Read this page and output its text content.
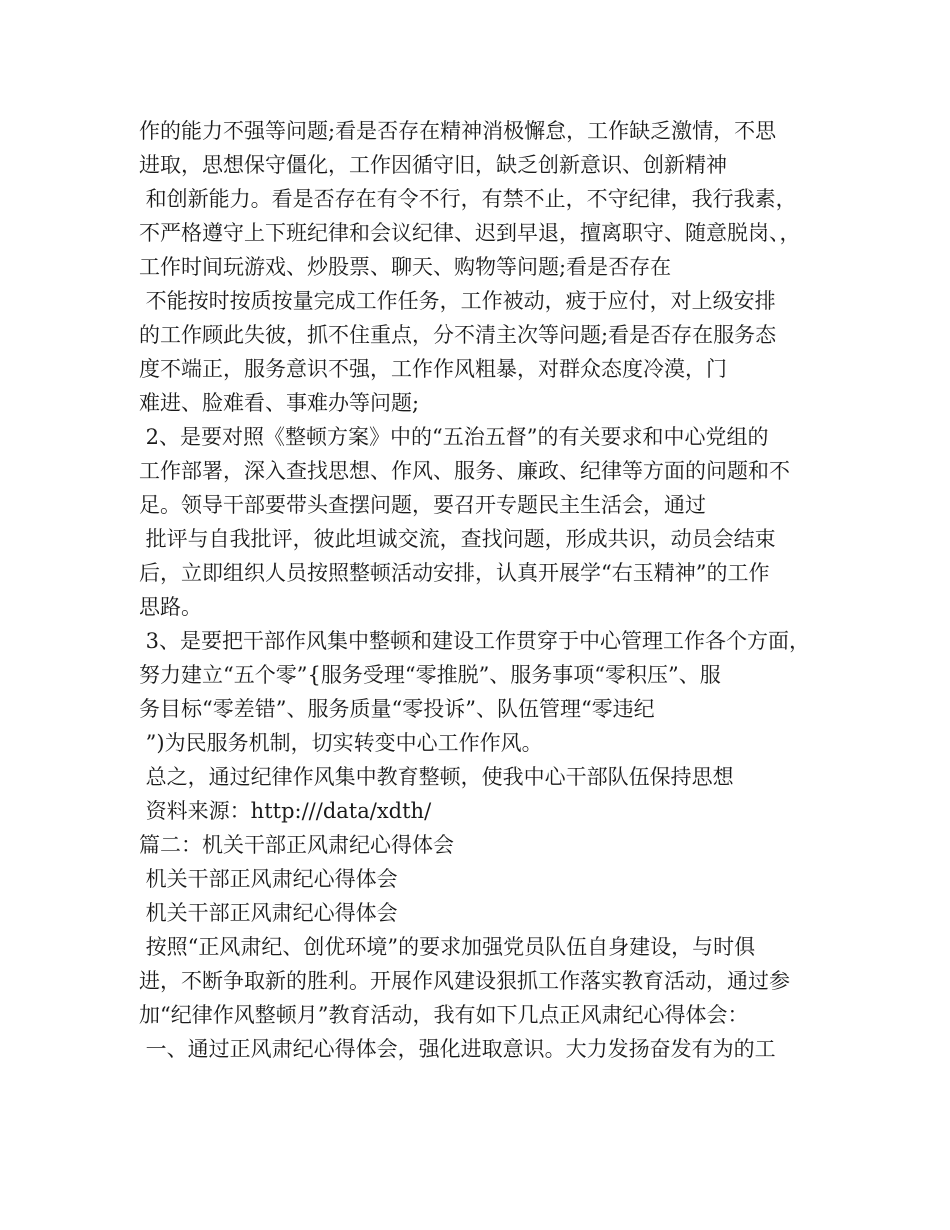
作的能力不强等问题;看是否存在精神消极懈怠，工作缺乏激情，不思
进取，思想保守僵化，工作因循守旧，缺乏创新意识、创新精神
和创新能力。看是否存在有令不行，有禁不止，不守纪律，我行我素，
不严格遵守上下班纪律和会议纪律、迟到早退，擅离职守、随意脱岗、，
工作时间玩游戏、炒股票、聊天、购物等问题;看是否存在
不能按时按质按量完成工作任务，工作被动，疲于应付，对上级安排
的工作顾此失彼，抓不住重点，分不清主次等问题;看是否存在服务态
度不端正，服务意识不强，工作作风粗暴，对群众态度冷漠，门
难进、脸难看、事难办等问题;
2、是要对照《整顿方案》中的“五治五督”的有关要求和中心党组的
工作部署，深入查找思想、作风、服务、廉政、纪律等方面的问题和不
足。领导干部要带头查摆问题，要召开专题民主生活会，通过
批评与自我批评，彼此坦诚交流，查找问题，形成共识，动员会结束
后，立即组织人员按照整顿活动安排，认真开展学“右玉精神”的工作
思路。
3、是要把干部作风集中整顿和建设工作贯穿于中心管理工作各个方面，
努力建立“五个零”{服务受理“零推脱”、服务事项“零积压”、服
务目标“零差错”、服务质量“零投诉”、队伍管理“零违纪
”)为民服务机制，切实转变中心工作作风。
总之，通过纪律作风集中教育整顿，使我中心干部队伍保持思想
资料来源：http:///data/xdth/
篇二：机关干部正风肃纪心得体会
机关干部正风肃纪心得体会
机关干部正风肃纪心得体会
按照“正风肃纪、创优环境”的要求加强党员队伍自身建设，与时俱
进，不断争取新的胜利。开展作风建设狠抓工作落实教育活动，通过参
加“纪律作风整顿月”教育活动，我有如下几点正风肃纪心得体会：
一、通过正风肃纪心得体会，强化进取意识。大力发扬奋发有为的工
